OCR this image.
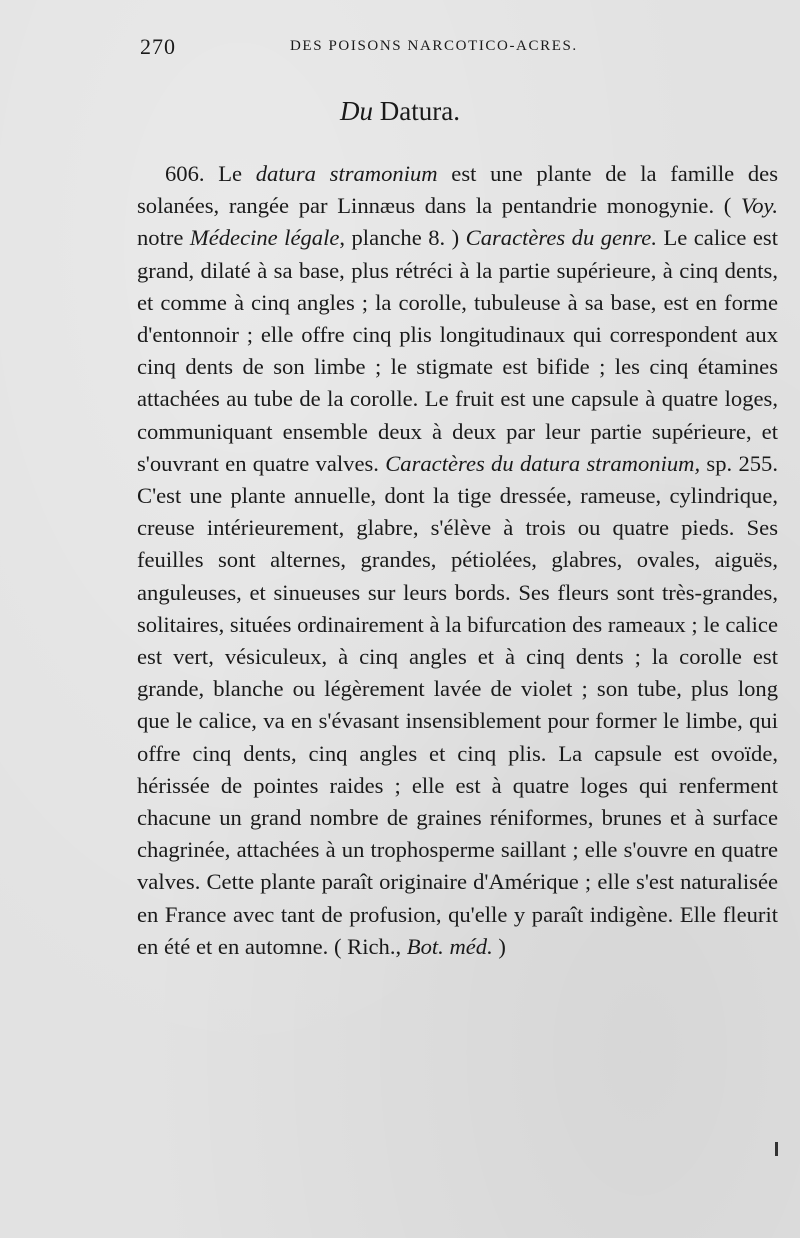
270	DES POISONS NARCOTICO-ACRES.
Du Datura.

606. Le datura stramonium est une plante de la famille des solanées, rangée par Linnæus dans la pentandrie monogynie. ( Voy. notre Médecine légale, planche 8. ) Caractères du genre. Le calice est grand, dilaté à sa base, plus rétréci à la partie supérieure, à cinq dents, et comme à cinq angles ; la corolle, tubuleuse à sa base, est en forme d'entonnoir ; elle offre cinq plis longitudinaux qui correspondent aux cinq dents de son limbe ; le stigmate est bifide ; les cinq étamines attachées au tube de la corolle. Le fruit est une capsule à quatre loges, communiquant ensemble deux à deux par leur partie supérieure, et s'ouvrant en quatre valves. Caractères du datura stramonium, sp. 255. C'est une plante annuelle, dont la tige dressée, rameuse, cylindrique, creuse intérieurement, glabre, s'élève à trois ou quatre pieds. Ses feuilles sont alternes, grandes, pétiolées, glabres, ovales, aiguës, anguleuses, et sinueuses sur leurs bords. Ses fleurs sont très-grandes, solitaires, situées ordinairement à la bifurcation des rameaux ; le calice est vert, vésiculeux, à cinq angles et à cinq dents ; la corolle est grande, blanche ou légèrement lavée de violet ; son tube, plus long que le calice, va en s'évasant insensiblement pour former le limbe, qui offre cinq dents, cinq angles et cinq plis. La capsule est ovoïde, hérissée de pointes raides ; elle est à quatre loges qui renferment chacune un grand nombre de graines réniformes, brunes et à surface chagrinée, attachées à un trophosperme saillant ; elle s'ouvre en quatre valves. Cette plante paraît originaire d'Amérique ; elle s'est naturalisée en France avec tant de profusion, qu'elle y paraît indigène. Elle fleurit en été et en automne. ( Rich., Bot. méd. )
